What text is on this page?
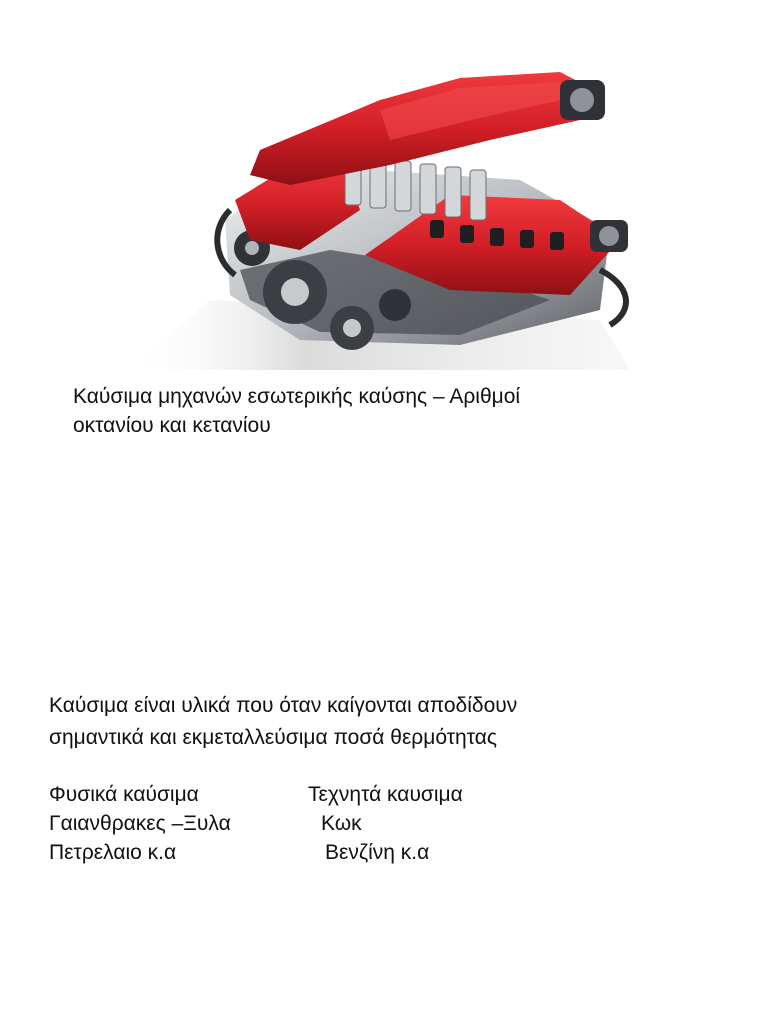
Καύσιμα μηχανών εσωτερικής καύσης – Αριθμοί
οκτανίου και κετανίου
Καύσιμα είναι υλικά που όταν καίγονται αποδίδουν
σημαντικά και εκμεταλλεύσιμα ποσά θερμότητας
Φυσικά καύσιμα	Τεχνητά καυσιμα
Γαιανθρακες –Ξυλα	Κωκ
Πετρελαιο κ.α	Βενζίνη κ.α
